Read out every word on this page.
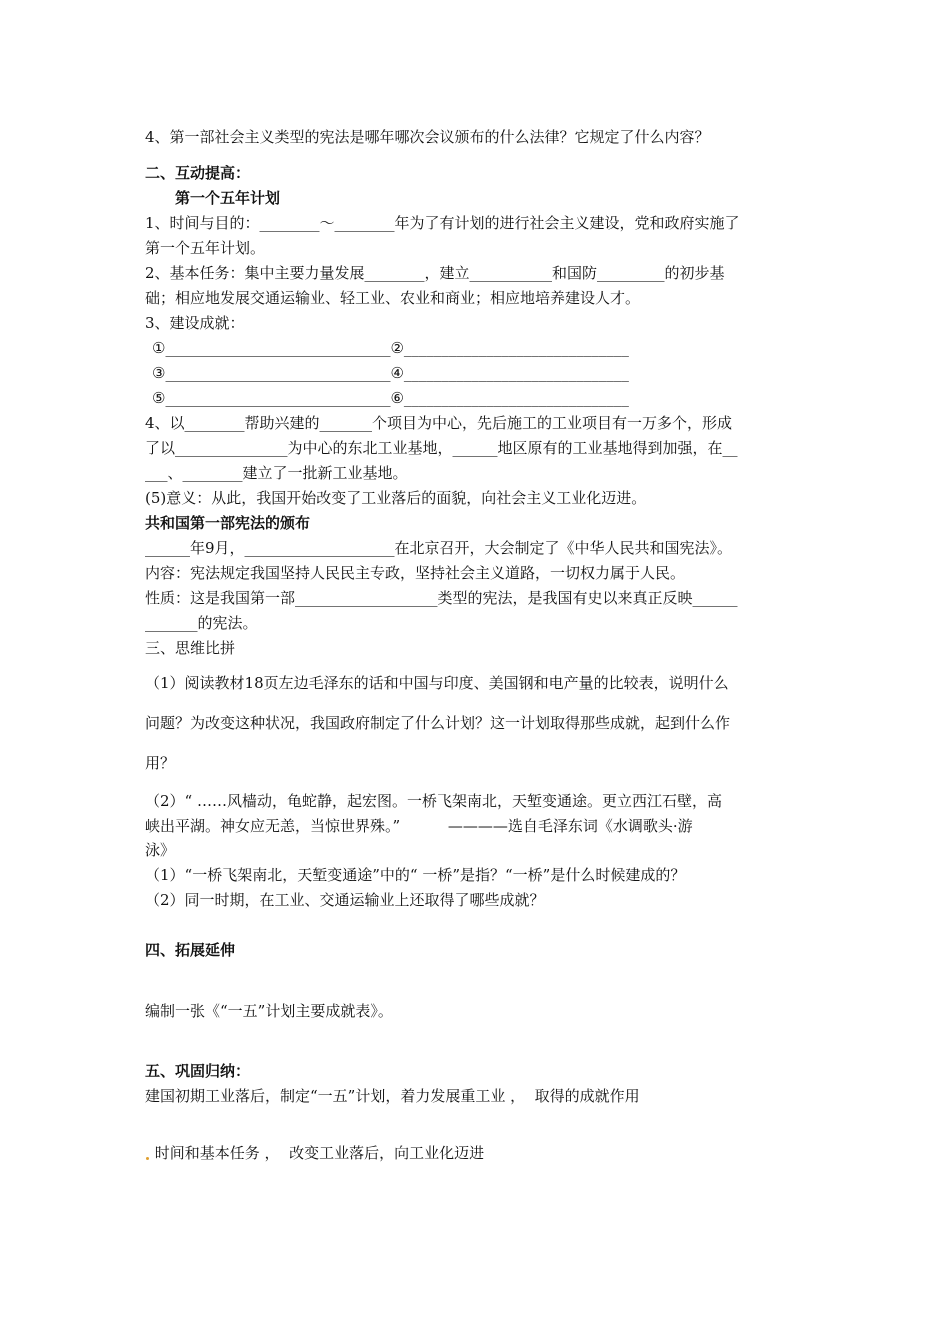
4、第一部社会主义类型的宪法是哪年哪次会议颁布的什么法律？它规定了什么内容？
二、互动提高：
第一个五年计划
1、时间与目的：________～________年为了有计划的进行社会主义建设，党和政府实施了
第一个五年计划。
2、基本任务：集中主要力量发展________，建立___________和国防_________的初步基
础；相应地发展交通运输业、轻工业、农业和商业；相应地培养建设人才。
3、建设成就：
①______________________________②______________________________
③______________________________④______________________________
⑤______________________________⑥______________________________
4、以________帮助兴建的_______个项目为中心，先后施工的工业项目有一万多个，形成
了以_______________为中心的东北工业基地，______地区原有的工业基地得到加强，在__
___、________建立了一批新工业基地。
(5)意义：从此，我国开始改变了工业落后的面貌，向社会主义工业化迈进。
共和国第一部宪法的颁布
______年9月，____________________在北京召开，大会制定了《中华人民共和国宪法》。
内容：宪法规定我国坚持人民民主专政，坚持社会主义道路，一切权力属于人民。
性质：这是我国第一部___________________类型的宪法，是我国有史以来真正反映______
_______的宪法。
三、思维比拼
（1）阅读教材18页左边毛泽东的话和中国与印度、美国钢和电产量的比较表，说明什么
问题？为改变这种状况，我国政府制定了什么计划？这一计划取得那些成就，起到什么作
用？
（2）“ ……风樯动，龟蛇静，起宏图。一桥飞架南北，天堑变通途。更立西江石壁，高
峡出平湖。神女应无恙，当惊世界殊。”          ————选自毛泽东词《水调歌头·游
泳》
（1）“一桥飞架南北，天堑变通途”中的“ 一桥”是指？“一桥”是什么时候建成的？
（2）同一时期，在工业、交通运输业上还取得了哪些成就？
四、拓展延伸
编制一张《“一五”计划主要成就表》。
五、巩固归纳：
建国初期工业落后，制定“一五”计划，着力发展重工业 ，  取得的成就作用
时间和基本任务 ，  改变工业落后，向工业化迈进
